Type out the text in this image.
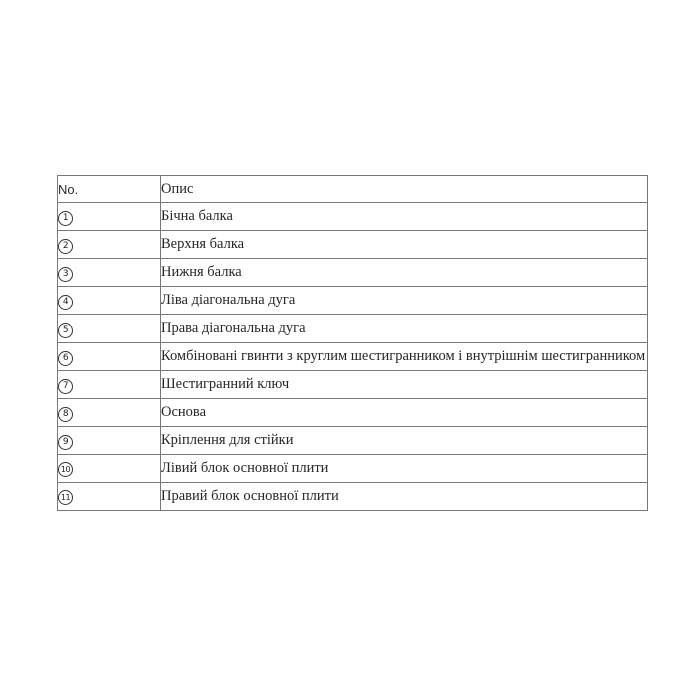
No.	Опис
1	Бічна балка
2	Верхня балка
3	Нижня балка
4	Ліва діагональна дуга
5	Права діагональна дуга
6	Комбіновані гвинти з круглим шестигранником і внутрішнім шестигранником
7	Шестигранний ключ
8	Основа
9	Кріплення для стійки
10	Лівий блок основної плити
11	Правий блок основної плити
